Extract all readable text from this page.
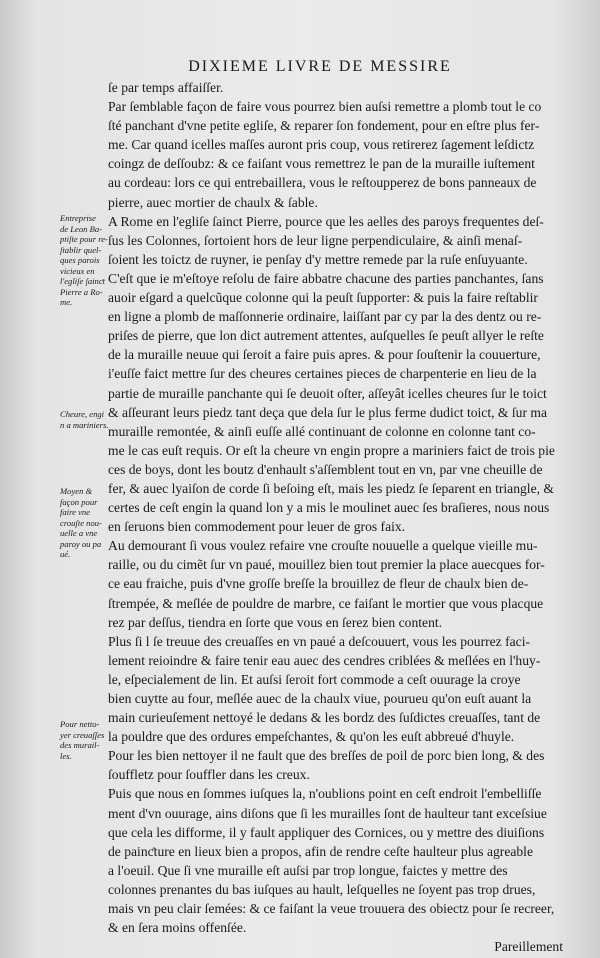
DIXIEME LIVRE DE MESSIRE
ſe par temps affaiſſer.
Par ſemblable façon de faire vous pourrez bien auſsi remettre a plomb tout le co
ſté panchant d'vne petite egliſe, & reparer ſon fondement, pour en eſtre plus fer-
me. Car quand icelles maſſes auront pris coup, vous retirerez ſagement leſdictz
coingz de deſſoubz: & ce faiſant vous remettrez le pan de la muraille iuſtement
au cordeau: lors ce qui entrebaillera, vous le reſtoupperez de bons panneaux de
pierre, auec mortier de chaulx & ſable.
A Rome en l'egliſe ſainct Pierre, pource que les aelles des paroys frequentes deſ-
ſus les Colonnes, ſortoient hors de leur ligne perpendiculaire, & ainſi menaſ-
ſoient les toictz de ruyner, ie penſay d'y mettre remede par la ruſe enſuyuante.
C'eſt que ie m'eſtoye reſolu de faire abbatre chacune des parties panchantes, ſans
auoir eſgard a quelcũque colonne qui la peuſt ſupporter: & puis la faire reſtablir
en ligne a plomb de maſſonnerie ordinaire, laiſſant par cy par la des dentz ou re-
priſes de pierre, que lon dict autrement attentes, auſquelles ſe peuſt allyer le reſte
de la muraille neuue qui ſeroit a faire puis apres. & pour ſouſtenir la couuerture,
i'euſſe faict mettre ſur des cheures certaines pieces de charpenterie en lieu de la
partie de muraille panchante qui ſe deuoit oſter, aſſeyât icelles cheures ſur le toict
& aſſeurant leurs piedz tant deça que dela ſur le plus ferme dudict toict, & ſur ma
muraille remontée, & ainſi euſſe allé continuant de colonne en colonne tant co-
me le cas euſt requis. Or eſt la cheure vn engin propre a mariniers faict de trois pie
ces de boys, dont les boutz d'enhault s'aſſemblent tout en vn, par vne cheuille de
fer, & auec lyaiſon de corde ſi beſoing eſt, mais les piedz ſe ſeparent en triangle, &
certes de ceſt engin la quand lon y a mis le moulinet auec ſes braſieres, nous nous
en ſeruons bien commodement pour leuer de gros faix.
Au demourant ſi vous voulez refaire vne crouſte nouuelle a quelque vieille mu-
raille, ou du cimẽt ſur vn paué, mouillez bien tout premier la place auecques for-
ce eau fraiche, puis d'vne groſſe breſſe la brouillez de fleur de chaulx bien de-
ſtrempée, & meſlée de pouldre de marbre, ce faiſant le mortier que vous placque
rez par deſſus, tiendra en ſorte que vous en ſerez bien content.
Plus ſi l ſe treuue des creuaſſes en vn paué a deſcouuert, vous les pourrez faci-
lement reioindre & faire tenir eau auec des cendres criblées & meſlées en l'huy-
le, eſpecialement de lin. Et auſsi ſeroit fort commode a ceſt ouurage la croye
bien cuytte au four, meſlée auec de la chaulx viue, pourueu qu'on euſt auant la
main curieuſement nettoyé le dedans & les bordz des ſuſdictes creuaſſes, tant de
la pouldre que des ordures empeſchantes, & qu'on les euſt abbreué d'huyle.
Pour les bien nettoyer il ne fault que des breſſes de poil de porc bien long, & des
ſouffletz pour ſouffler dans les creux.
Puis que nous en ſommes iuſques la, n'oublions point en ceſt endroit l'embelliſſe
ment d'vn ouurage, ains diſons que ſi les murailles ſont de haulteur tant exceſsiue
que cela les difforme, il y fault appliquer des Cornices, ou y mettre des diuiſions
de painƈture en lieux bien a propos, afin de rendre ceſte haulteur plus agreable
a l'oeuil. Que ſi vne muraille eſt auſsi par trop longue, faictes y mettre des
colonnes prenantes du bas iuſques au hault, leſquelles ne ſoyent pas trop drues,
mais vn peu clair ſemées: & ce faiſant la veue trouuera des obiectz pour ſe recreer,
& en ſera moins offenſée.
Pareillement
Entreprise
de Leon Ba-
ptiſte pour re-
ſtablir quel-
ques parois
vicieux en
l'egliſe ſainƈt
Pierre a Ro-
me.
Cheure, engi
n a mariniers.
Moyen &
façon pour
faire vne
crouſte nou-
uelle a vne
paroy ou pa
ué.
Pour netto-
yer creuaſſes
des murail-
les.
